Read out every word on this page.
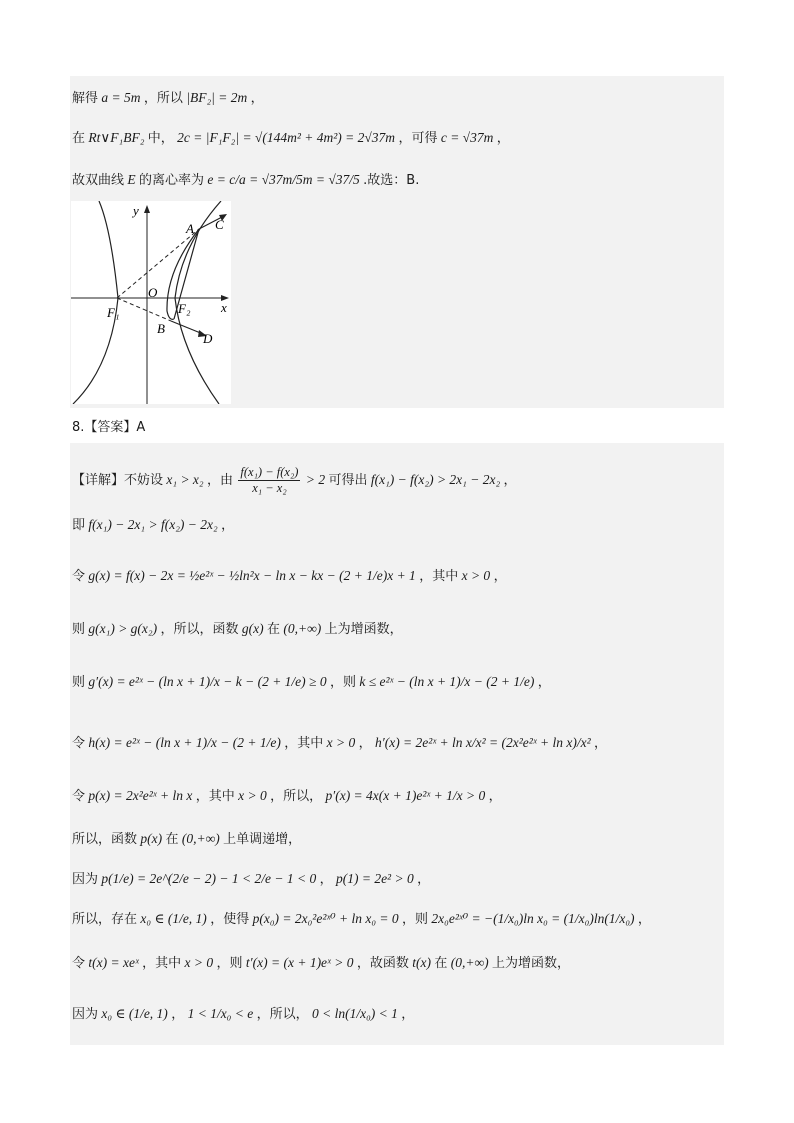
解得 a = 5m ，所以 |BF₂| = 2m ，
在 Rt∨F₁BF₂ 中， 2c = |F₁F₂| = √(144m² + 4m²) = 2√37m ，可得 c = √37m ，
故双曲线 E 的离心率为 e = c/a = √37m/5m = √37/5 .故选：B.
y
x
O
A C
B
D
F₁	F₂
8.【答案】A
【详解】不妨设 x₁ > x₂ ，由 $\frac{\text{f(x₁) − f(x₂)}}{\text{x₁ − x₂}} > 2$ 可得出 f(x₁) − f(x₂) > 2x₁ − 2x₂ ，
即 f(x₁) − 2x₁ > f(x₂) − 2x₂ ，
令 g(x) = f(x) − 2x = ½e²ˣ − ½ln²x − ln x − kx − (2 + 1/e)x + 1 ，其中 x > 0 ，
则 g(x₁) > g(x₂) ，所以，函数 g(x) 在 (0,+∞) 上为增函数，
则 g′(x) = e²ˣ − (ln x + 1)/x − k − (2 + 1/e) ≥ 0 ，则 k ≤ e²ˣ − (ln x + 1)/x − (2 + 1/e) ，
令 h(x) = e²ˣ − (ln x + 1)/x − (2 + 1/e) ，其中 x > 0 ， h′(x) = 2e²ˣ + ln x/x² = (2x²e²ˣ + ln x)/x² ，
令 p(x) = 2x²e²ˣ + ln x ，其中 x > 0 ，所以， p′(x) = 4x(x + 1)e²ˣ + 1/x > 0 ，
所以，函数 p(x) 在 (0,+∞) 上单调递增，
因为 p(1/e) = 2e^(2/e − 2) − 1 < 2/e − 1 < 0 ， p(1) = 2e² > 0 ，
所以，存在 x₀ ∈ (1/e, 1) ，使得 p(x₀) = 2x₀²e²ˣ⁰ + ln x₀ = 0 ，则 2x₀e²ˣ⁰ = −(1/x₀)ln x₀ = (1/x₀)ln(1/x₀) ，
令 t(x) = xeˣ ，其中 x > 0 ，则 t′(x) = (x + 1)eˣ > 0 ，故函数 t(x) 在 (0,+∞) 上为增函数，
因为 x₀ ∈ (1/e, 1) ， 1 < 1/x₀ < e ，所以， 0 < ln(1/x₀) < 1 ，
